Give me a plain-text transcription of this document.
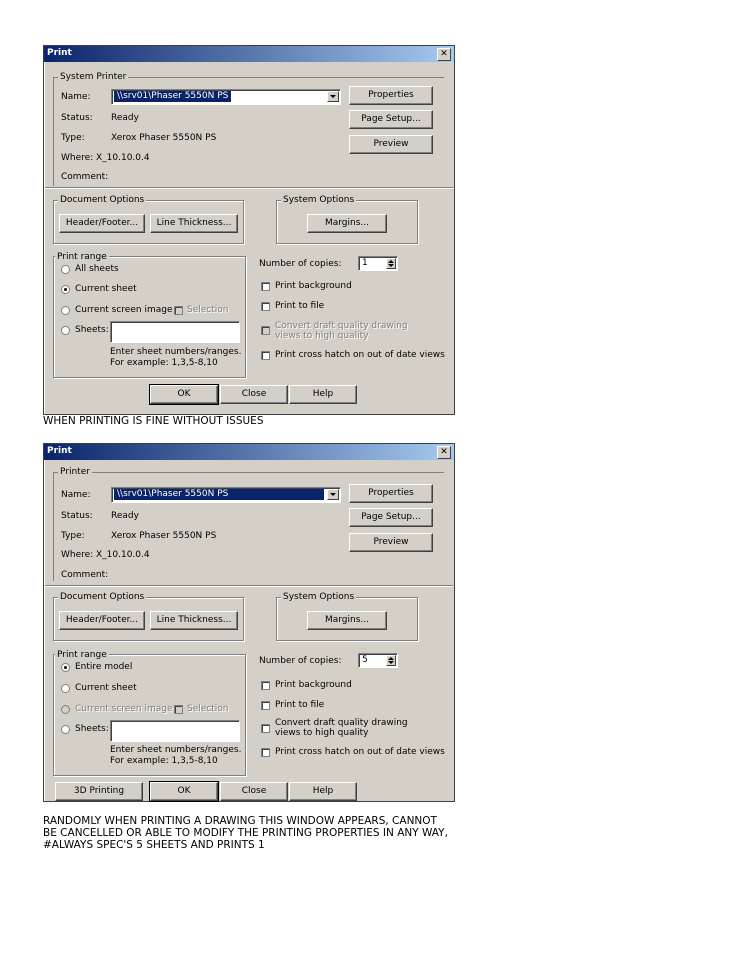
Print	✕
System Printer
Name:	\\srv01\Phaser 5550N PS	Properties
Status: Ready	Page Setup...
Type:	Xerox Phaser 5550N PS
Preview
Where: X_10.10.0.4
Comment:
Document Options
Header/Footer...	Line Thickness...
System Options
Margins...
Print range
All sheets
Current sheet
Current screen image Selection
Sheets:
Enter sheet numbers/ranges.
For example: 1,3,5-8,10
Number of copies: 1
Print background
Print to file
Convert draft quality drawing
views to high quality
Print cross hatch on out of date views
OK	Close	Help
WHEN PRINTING IS FINE WITHOUT ISSUES
Print	✕
Printer
Name:	\\srv01\Phaser 5550N PS	Properties
Status: Ready	Page Setup...
Type:	Xerox Phaser 5550N PS
Preview
Where: X_10.10.0.4
Comment:
Document Options
Header/Footer...	Line Thickness...
System Options
Margins...
Print range
Entire model
Current sheet
Current screen image Selection
Sheets:
Enter sheet numbers/ranges.
For example: 1,3,5-8,10
Number of copies: 5
Print background
Print to file
Convert draft quality drawing
views to high quality
Print cross hatch on out of date views
3D Printing	OK	Close	Help
RANDOMLY WHEN PRINTING A DRAWING THIS WINDOW APPEARS, CANNOT
BE CANCELLED OR ABLE TO MODIFY THE PRINTING PROPERTIES IN ANY WAY,
#ALWAYS SPEC'S 5 SHEETS AND PRINTS 1
